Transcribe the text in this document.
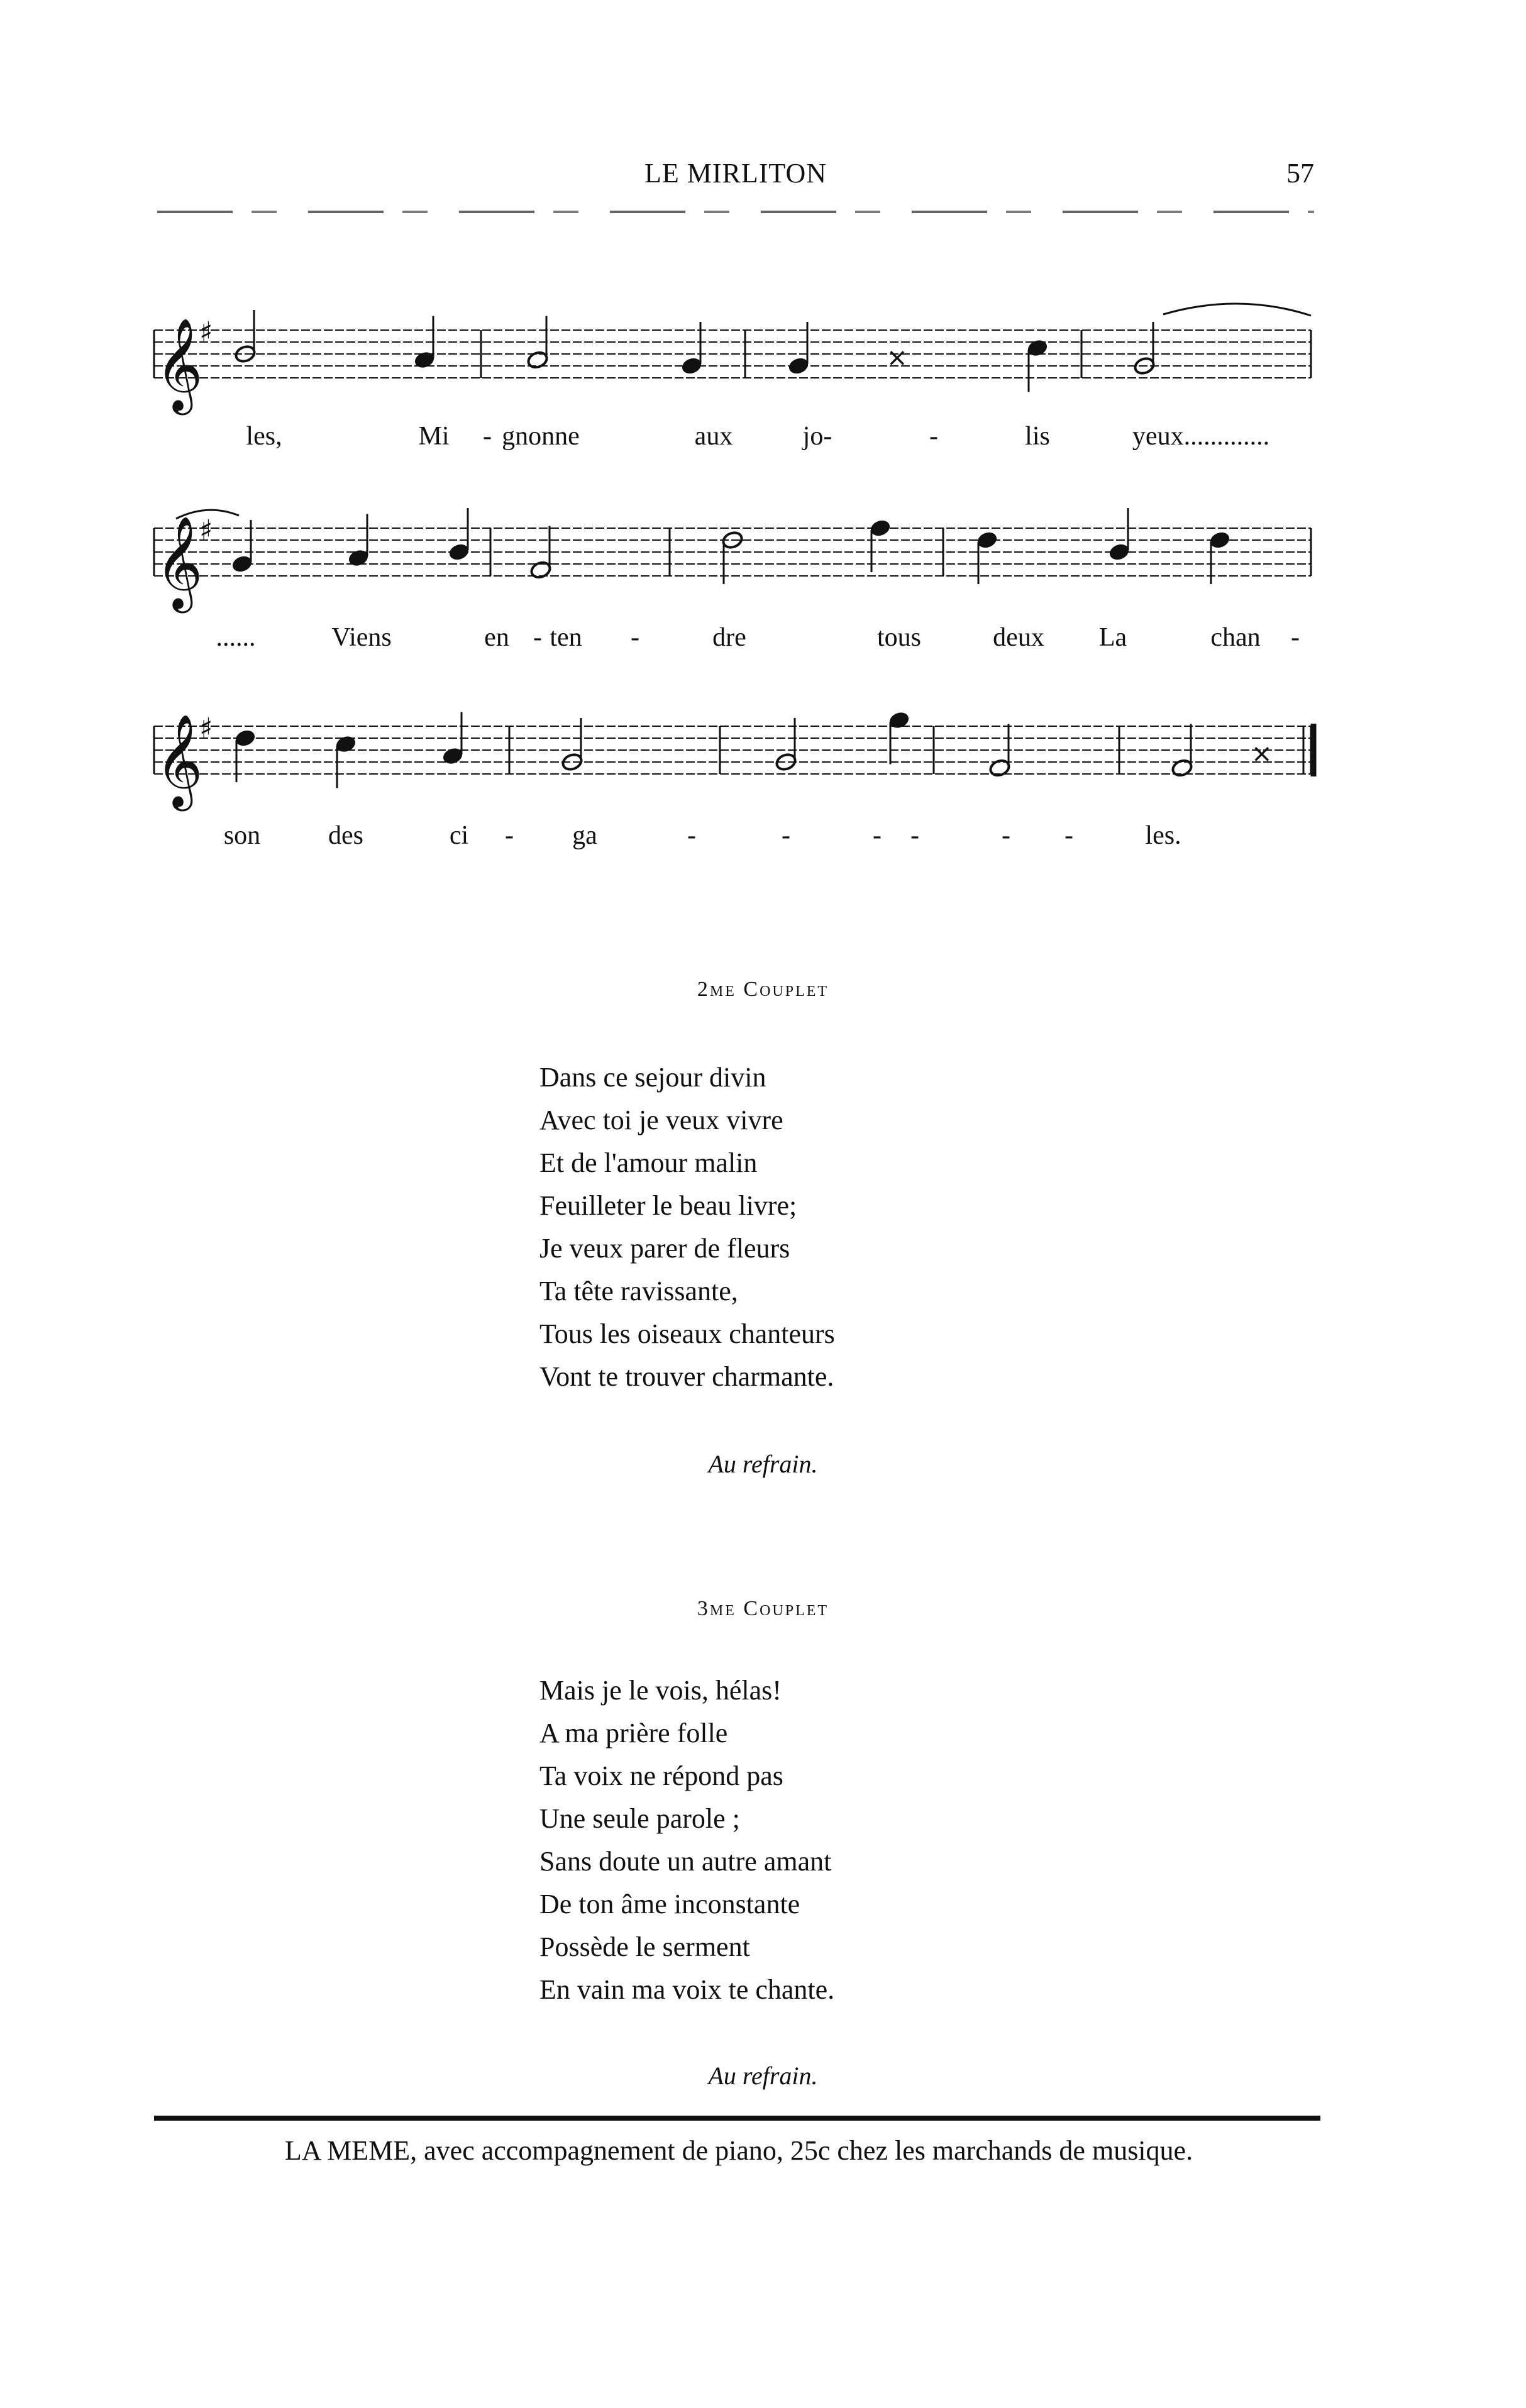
LE MIRLITON	57
𝄞
♯
×
𝄞
♯
𝄞
♯
×
les,	Mi - gnonne	aux	jo-	-	lis	yeux.............
......	Viens	en - ten -	dre	tous	deux La	chan -
son	des	ci - ga	-	-	- -	- -	les.
2me Couplet
Dans ce sejour divin
Avec toi je veux vivre
Et de l'amour malin
Feuilleter le beau livre;
Je veux parer de fleurs
Ta tête ravissante,
Tous les oiseaux chanteurs
Vont te trouver charmante.
Au refrain.
3me Couplet
Mais je le vois, hélas!
A ma prière folle
Ta voix ne répond pas
Une seule parole ;
Sans doute un autre amant
De ton âme inconstante
Possède le serment
En vain ma voix te chante.
Au refrain.
LA MEME, avec accompagnement de piano, 25c chez les marchands de musique.
